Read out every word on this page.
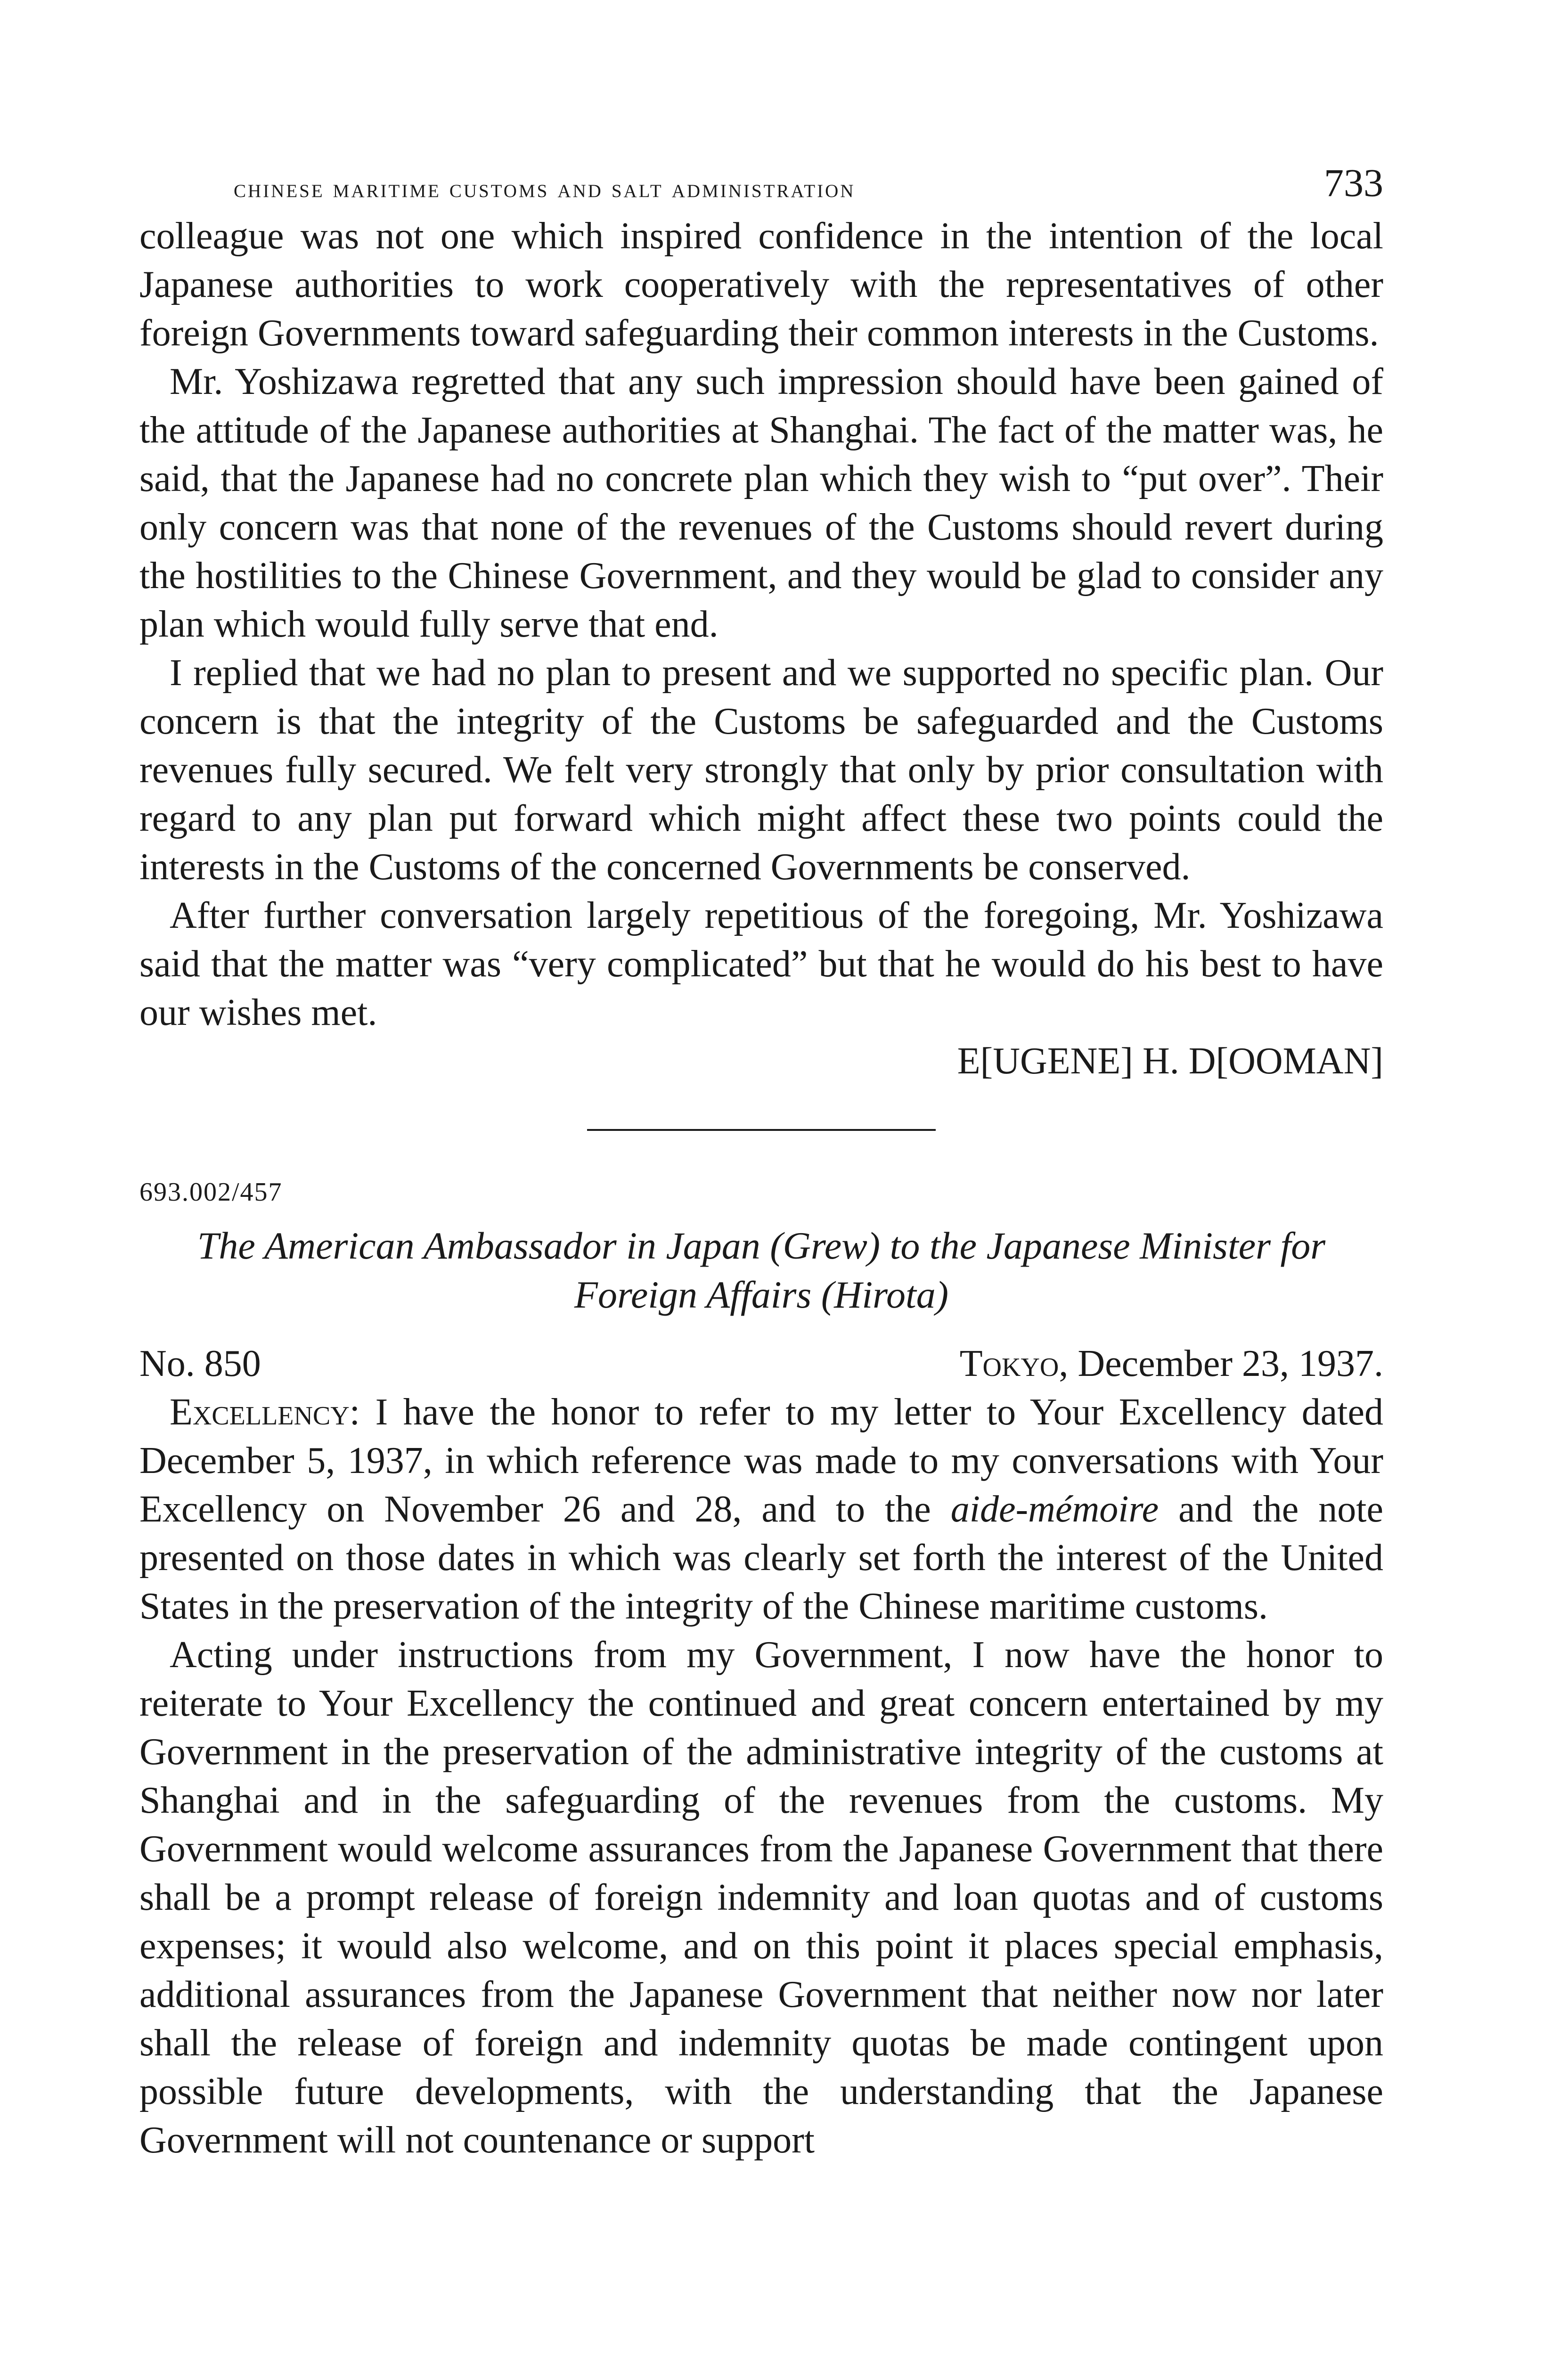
chinese maritime customs and salt administration	733

colleague was not one which inspired confidence in the intention of the local Japanese authorities to work cooperatively with the representatives of other foreign Governments toward safeguarding their common interests in the Customs.

Mr. Yoshizawa regretted that any such impression should have been gained of the attitude of the Japanese authorities at Shanghai. The fact of the matter was, he said, that the Japanese had no concrete plan which they wish to “put over”. Their only concern was that none of the revenues of the Customs should revert during the hostilities to the Chinese Government, and they would be glad to consider any plan which would fully serve that end.

I replied that we had no plan to present and we supported no specific plan. Our concern is that the integrity of the Customs be safeguarded and the Customs revenues fully secured. We felt very strongly that only by prior consultation with regard to any plan put forward which might affect these two points could the interests in the Customs of the concerned Governments be conserved.

After further conversation largely repetitious of the foregoing, Mr. Yoshizawa said that the matter was “very complicated” but that he would do his best to have our wishes met.

E[UGENE] H. D[OOMAN]
693.002/457
The American Ambassador in Japan (Grew) to the Japanese Minister for Foreign Affairs (Hirota)
No. 850	Tokyo, December 23, 1937.

Excellency: I have the honor to refer to my letter to Your Excellency dated December 5, 1937, in which reference was made to my conversations with Your Excellency on November 26 and 28, and to the aide-mémoire and the note presented on those dates in which was clearly set forth the interest of the United States in the preservation of the integrity of the Chinese maritime customs.

Acting under instructions from my Government, I now have the honor to reiterate to Your Excellency the continued and great concern entertained by my Government in the preservation of the administrative integrity of the customs at Shanghai and in the safeguarding of the revenues from the customs. My Government would welcome assurances from the Japanese Government that there shall be a prompt release of foreign indemnity and loan quotas and of customs expenses; it would also welcome, and on this point it places special emphasis, additional assurances from the Japanese Government that neither now nor later shall the release of foreign and indemnity quotas be made contingent upon possible future developments, with the understanding that the Japanese Government will not countenance or support
